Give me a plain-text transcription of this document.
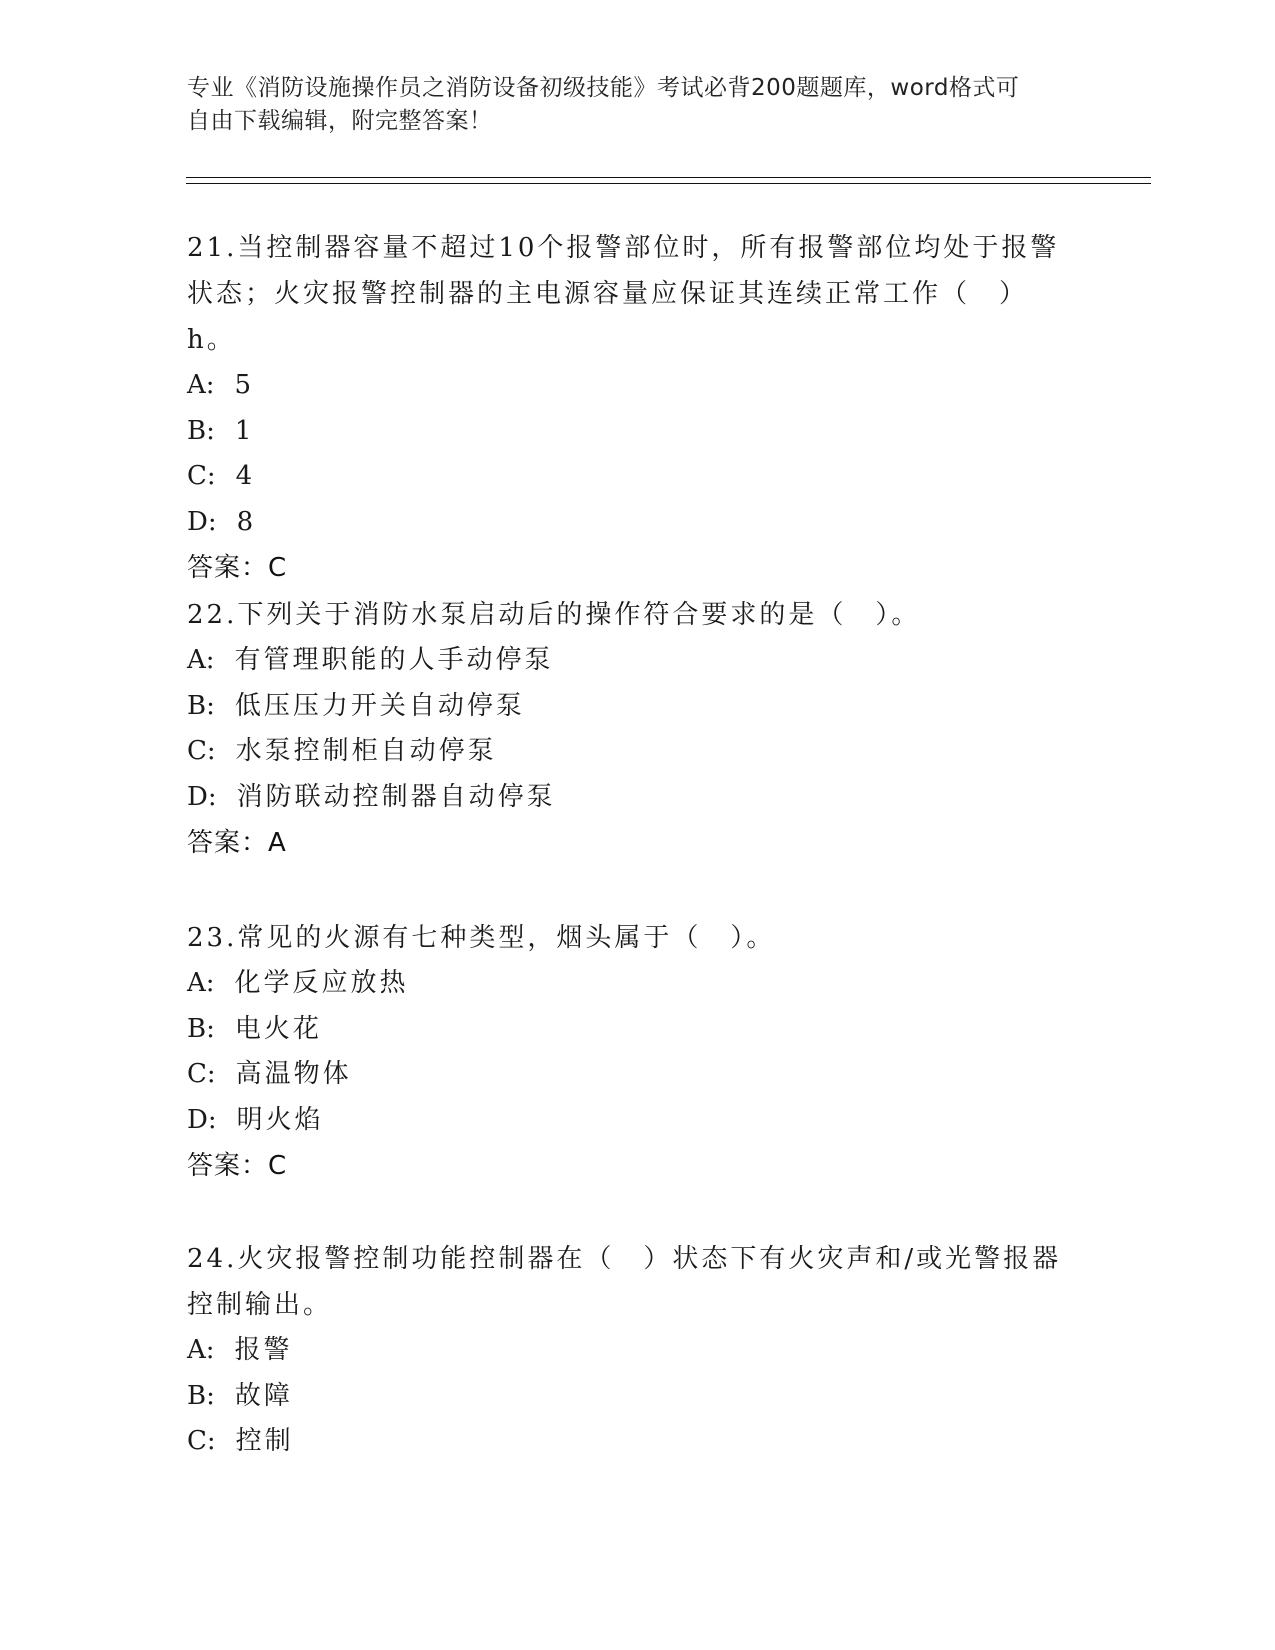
专业《消防设施操作员之消防设备初级技能》考试必背200题题库，word格式可
自由下载编辑，附完整答案！
21.当控制器容量不超过10个报警部位时，所有报警部位均处于报警
状态；火灾报警控制器的主电源容量应保证其连续正常工作（　）h。
A: 5
B: 1
C: 4
D: 8
答案：C
22.下列关于消防水泵启动后的操作符合要求的是（　）。
A: 有管理职能的人手动停泵
B: 低压压力开关自动停泵
C: 水泵控制柜自动停泵
D: 消防联动控制器自动停泵
答案：A
23.常见的火源有七种类型，烟头属于（　）。
A: 化学反应放热
B: 电火花
C: 高温物体
D: 明火焰
答案：C
24.火灾报警控制功能控制器在（　）状态下有火灾声和/或光警报器
控制输出。
A: 报警
B: 故障
C: 控制
